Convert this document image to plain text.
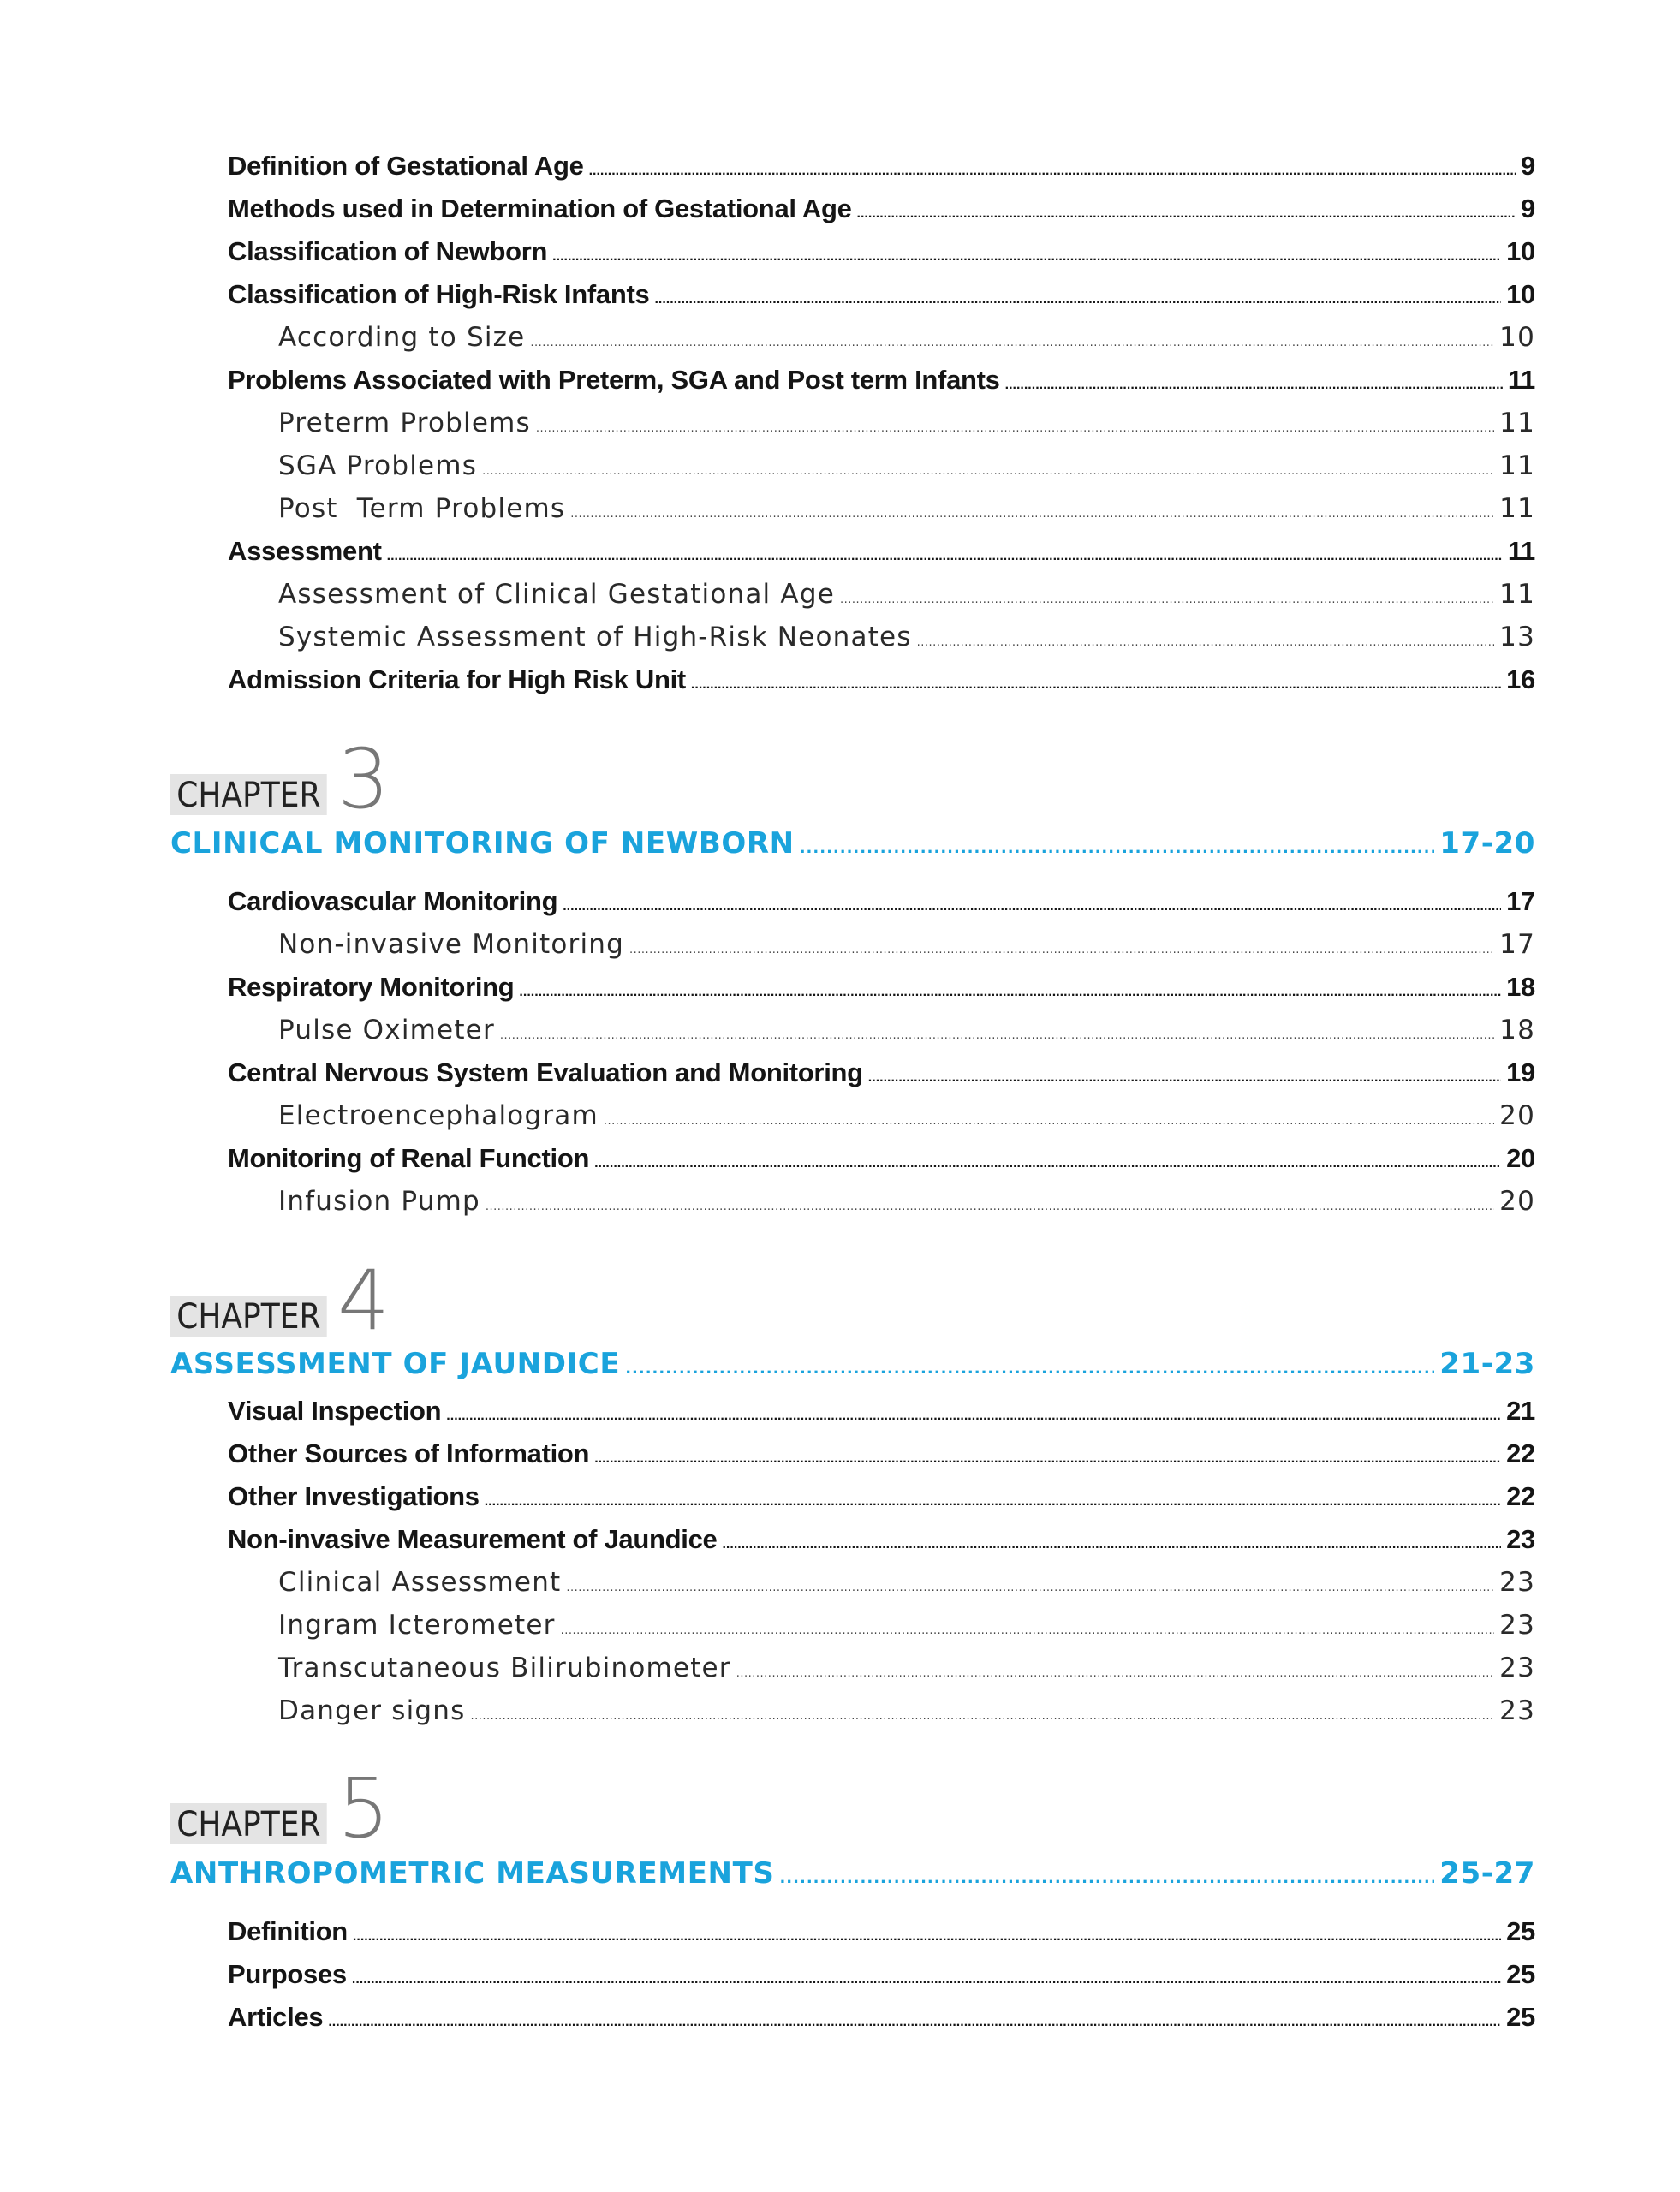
Definition of Gestational Age .....	9
Methods used in Determination of Gestational Age .....	9
Classification of Newborn .....	10
Classification of High-Risk Infants .....	10
According to Size .....	10
Problems Associated with Preterm, SGA and Post term Infants .....	11
Preterm Problems .....	11
SGA Problems .....	11
Post  Term Problems .....	11
Assessment .....	11
Assessment of Clinical Gestational Age .....	11
Systemic Assessment of High-Risk Neonates .....	13
Admission Criteria for High Risk Unit .....	16
CHAPTER 3
CLINICAL MONITORING OF NEWBORN .....	17-20
Cardiovascular Monitoring .....	17
Non-invasive Monitoring .....	17
Respiratory Monitoring .....	18
Pulse Oximeter .....	18
Central Nervous System Evaluation and Monitoring .....	19
Electroencephalogram .....	20
Monitoring of Renal Function .....	20
Infusion Pump .....	20
CHAPTER 4
ASSESSMENT OF JAUNDICE .....	21-23
Visual Inspection .....	21
Other Sources of Information .....	22
Other Investigations .....	22
Non-invasive Measurement of Jaundice .....	23
Clinical Assessment .....	23
Ingram Icterometer .....	23
Transcutaneous Bilirubinometer .....	23
Danger signs .....	23
CHAPTER 5
ANTHROPOMETRIC MEASUREMENTS .....	25-27
Definition .....	25
Purposes .....	25
Articles .....	25
